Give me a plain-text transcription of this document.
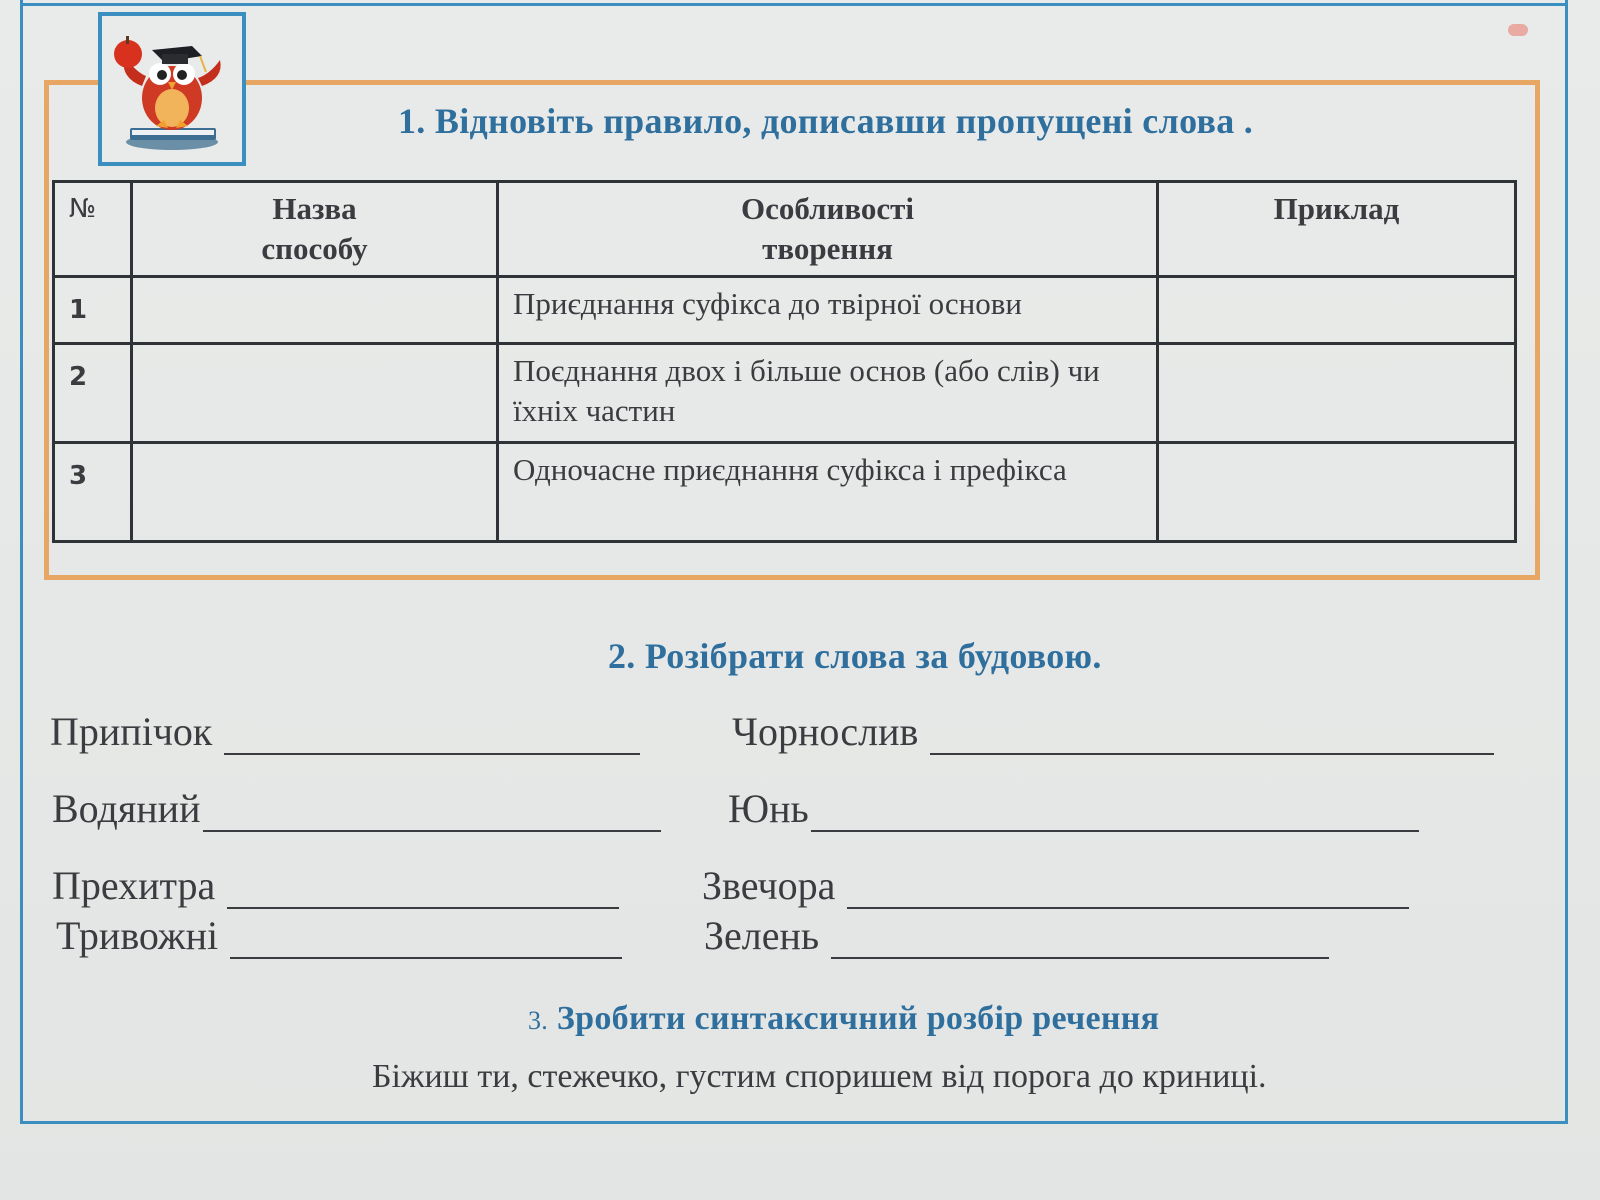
1. Відновіть правило, дописавши пропущені слова .
№	Назва способу	Особливості творення	Приклад
1		Приєднання суфікса до твірної основи	
2		Поєднання двох і більше основ (або слів) чи їхніх частин	
3		Одночасне приєднання суфікса і префікса	
2. Розібрати слова за будовою.
Припічок	Чорнослив
Водяний	Юнь
Прехитра	Звечора
Тривожні	Зелень
3. Зробити синтаксичний розбір речення
Біжиш ти, стежечко, густим споришем від порога до криниці.
